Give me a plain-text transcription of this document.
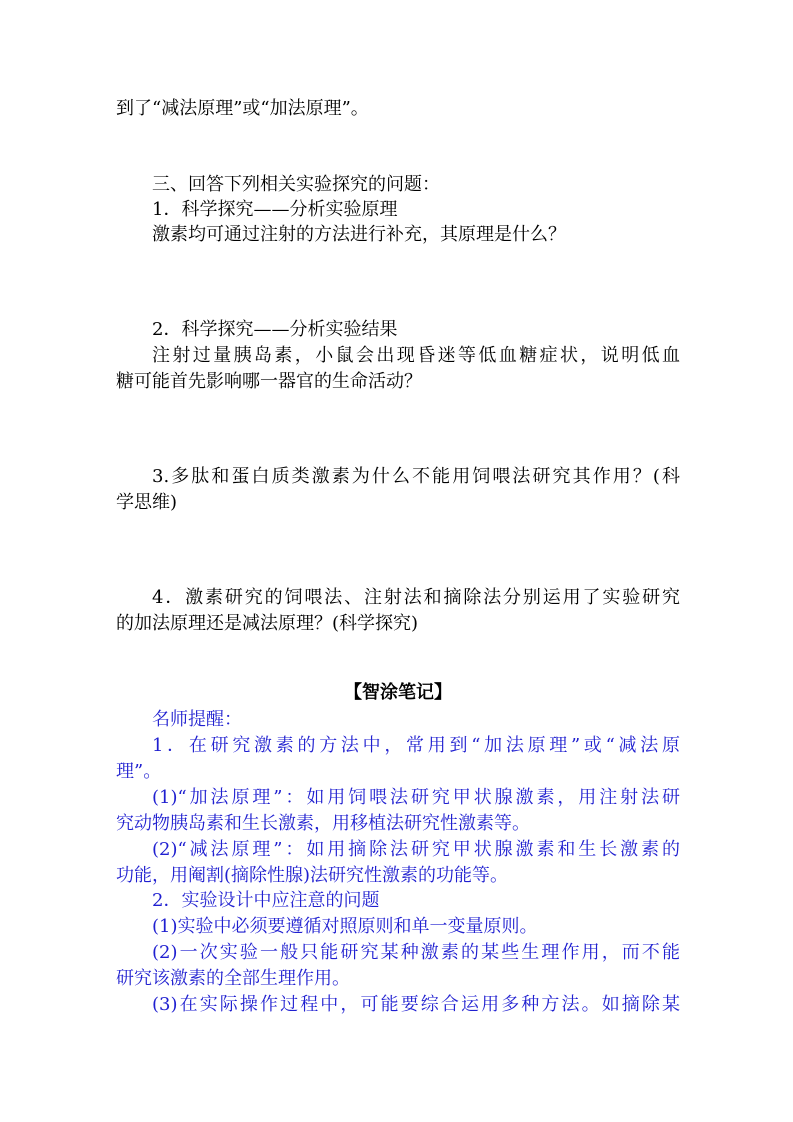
到了“减法原理”或“加法原理”。
三、回答下列相关实验探究的问题：
1．科学探究——分析实验原理
激素均可通过注射的方法进行补充，其原理是什么？
2．科学探究——分析实验结果
注射过量胰岛素，小鼠会出现昏迷等低血糖症状，说明低血
糖可能首先影响哪一器官的生命活动？
3.多肽和蛋白质类激素为什么不能用饲喂法研究其作用？(科
学思维)
4．激素研究的饲喂法、注射法和摘除法分别运用了实验研究
的加法原理还是减法原理？(科学探究)
【智涂笔记】
名师提醒：
1．在研究激素的方法中，常用到“加法原理”或“减法原
理”。
(1)“加法原理”：如用饲喂法研究甲状腺激素，用注射法研
究动物胰岛素和生长激素，用移植法研究性激素等。
(2)“减法原理”：如用摘除法研究甲状腺激素和生长激素的
功能，用阉割(摘除性腺)法研究性激素的功能等。
2．实验设计中应注意的问题
(1)实验中必须要遵循对照原则和单一变量原则。
(2)一次实验一般只能研究某种激素的某些生理作用，而不能
研究该激素的全部生理作用。
(3)在实际操作过程中，可能要综合运用多种方法。如摘除某
